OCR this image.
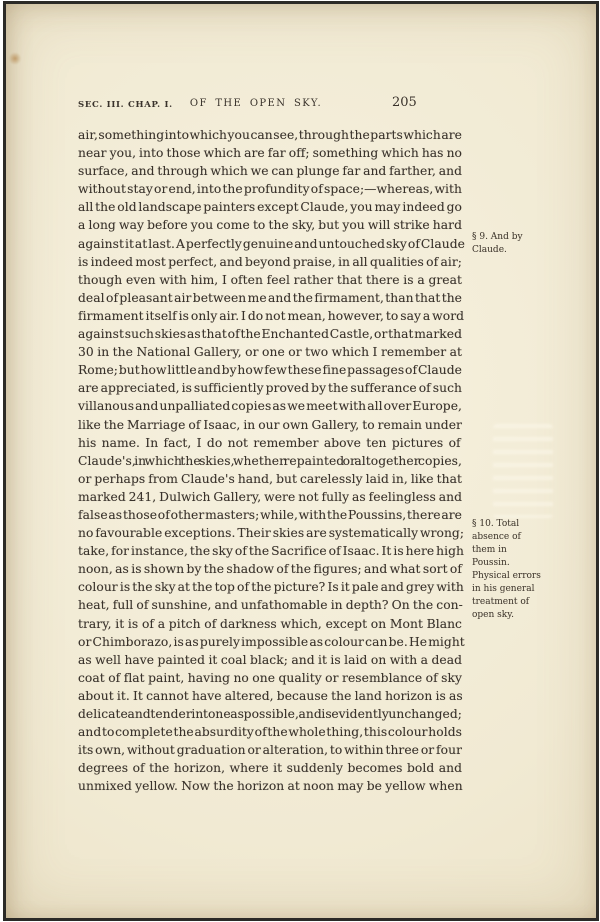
SEC. III. CHAP. I.	OF THE OPEN SKY.	205
air, something into which you can see, through the parts which are
near you, into those which are far off; something which has no
surface, and through which we can plunge far and farther, and
without stay or end, into the profundity of space;—whereas, with
all the old landscape painters except Claude, you may indeed go
a long way before you come to the sky, but you will strike hard
against it at last. A perfectly genuine and untouched sky of Claude
is indeed most perfect, and beyond praise, in all qualities of air;
though even with him, I often feel rather that there is a great
deal of pleasant air between me and the firmament, than that the
firmament itself is only air. I do not mean, however, to say a word
against such skies as that of the Enchanted Castle, or that marked
30 in the National Gallery, or one or two which I remember at
Rome; but how little and by how few these fine passages of Claude
are appreciated, is sufficiently proved by the sufferance of such
villanous and unpalliated copies as we meet with all over Europe,
like the Marriage of Isaac, in our own Gallery, to remain under
his name. In fact, I do not remember above ten pictures of
Claude's, in which the skies, whether repainted or altogether copies,
or perhaps from Claude's hand, but carelessly laid in, like that
marked 241, Dulwich Gallery, were not fully as feelingless and
false as those of other masters; while, with the Poussins, there are
no favourable exceptions. Their skies are systematically wrong;
take, for instance, the sky of the Sacrifice of Isaac. It is here high
noon, as is shown by the shadow of the figures; and what sort of
colour is the sky at the top of the picture? Is it pale and grey with
heat, full of sunshine, and unfathomable in depth? On the con-
trary, it is of a pitch of darkness which, except on Mont Blanc
or Chimborazo, is as purely impossible as colour can be. He might
as well have painted it coal black; and it is laid on with a dead
coat of flat paint, having no one quality or resemblance of sky
about it. It cannot have altered, because the land horizon is as
delicate and tender in tone as possible, and is evidently unchanged;
and to complete the absurdity of the whole thing, this colour holds
its own, without graduation or alteration, to within three or four
degrees of the horizon, where it suddenly becomes bold and
unmixed yellow. Now the horizon at noon may be yellow when
§ 9. And by
Claude.
§ 10. Total
absence of
them in
Poussin.
Physical errors
in his general
treatment of
open sky.
